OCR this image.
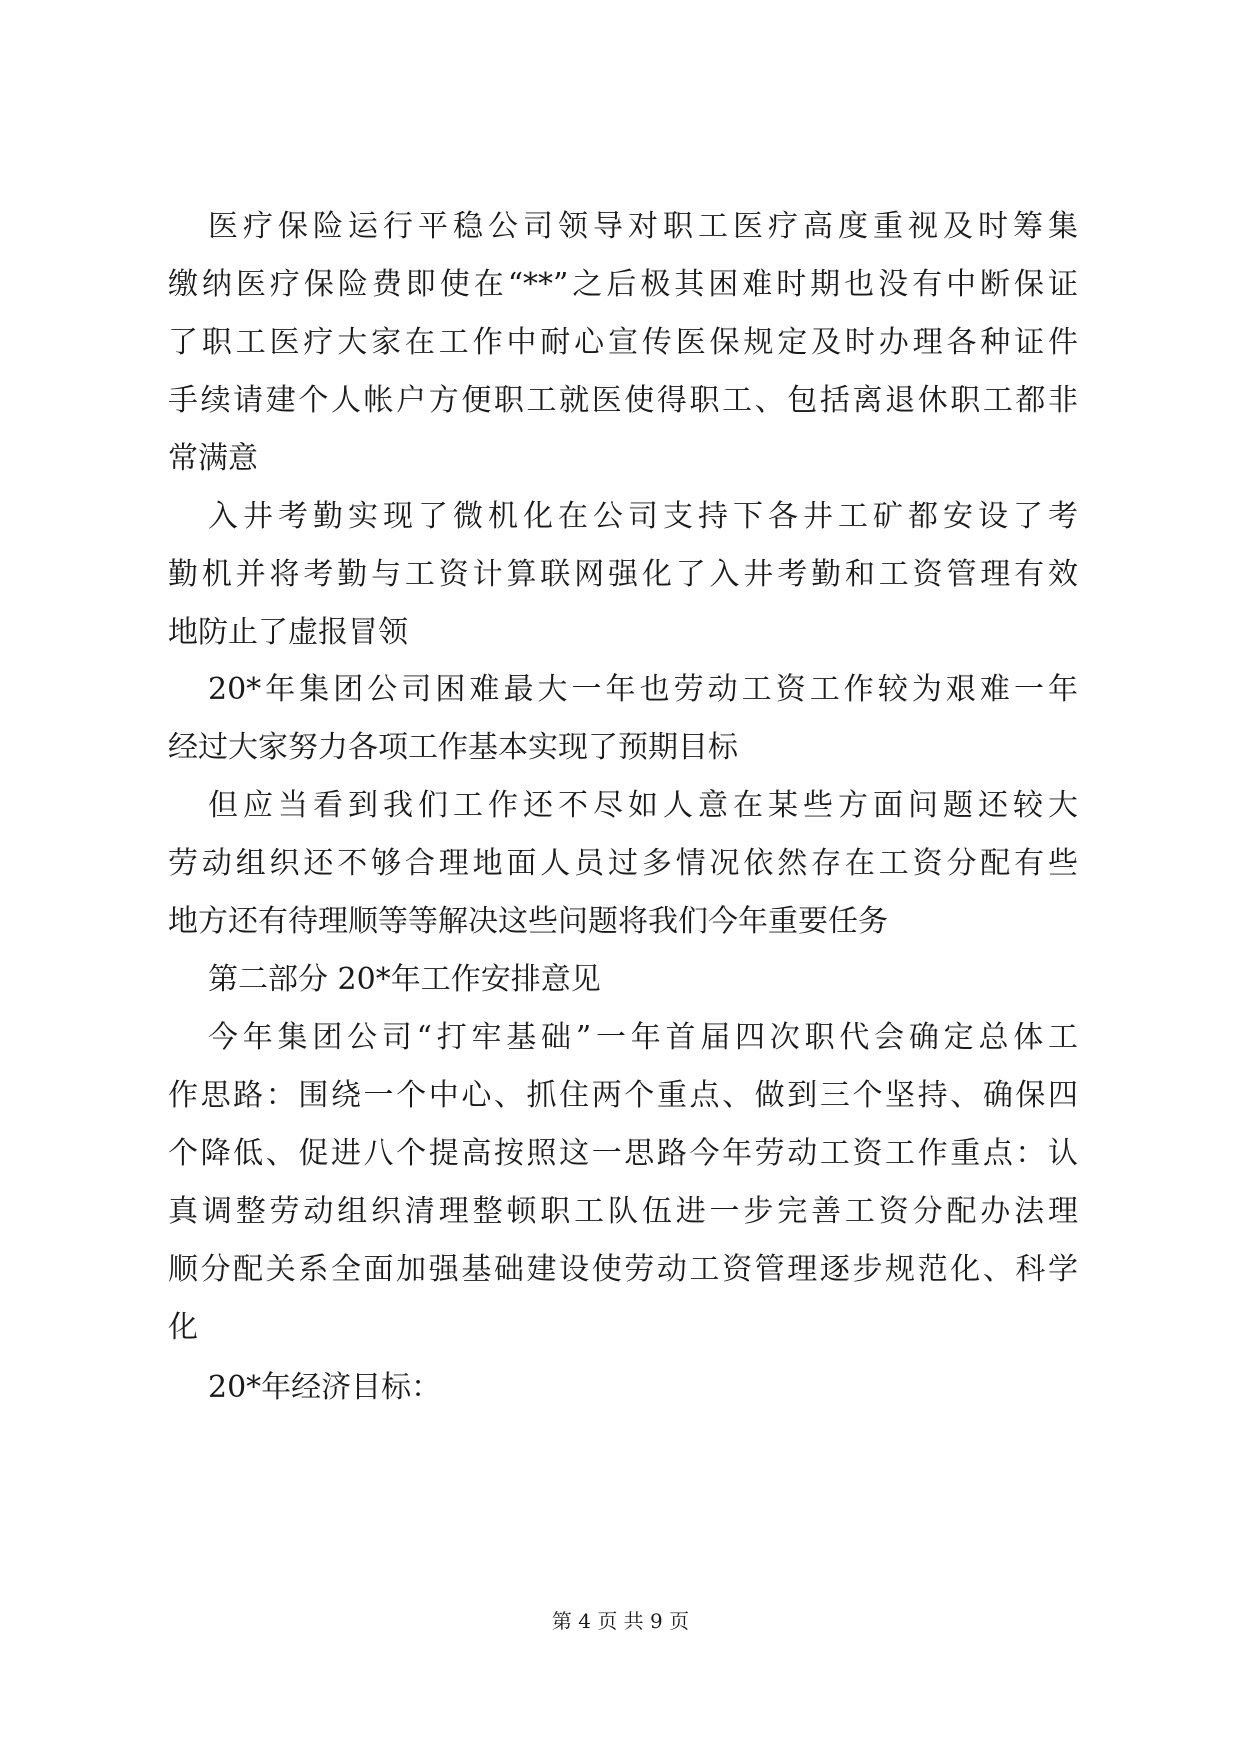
医疗保险运行平稳公司领导对职工医疗高度重视及时筹集
缴纳医疗保险费即使在“**”之后极其困难时期也没有中断保证
了职工医疗大家在工作中耐心宣传医保规定及时办理各种证件
手续请建个人帐户方便职工就医使得职工、包括离退休职工都非
常满意
入井考勤实现了微机化在公司支持下各井工矿都安设了考
勤机并将考勤与工资计算联网强化了入井考勤和工资管理有效
地防止了虚报冒领
20*年集团公司困难最大一年也劳动工资工作较为艰难一年
经过大家努力各项工作基本实现了预期目标
但应当看到我们工作还不尽如人意在某些方面问题还较大
劳动组织还不够合理地面人员过多情况依然存在工资分配有些
地方还有待理顺等等解决这些问题将我们今年重要任务
第二部分 20*年工作安排意见
今年集团公司“打牢基础”一年首届四次职代会确定总体工
作思路：围绕一个中心、抓住两个重点、做到三个坚持、确保四
个降低、促进八个提高按照这一思路今年劳动工资工作重点：认
真调整劳动组织清理整顿职工队伍进一步完善工资分配办法理
顺分配关系全面加强基础建设使劳动工资管理逐步规范化、科学
化
20*年经济目标：
第 4 页 共 9 页
